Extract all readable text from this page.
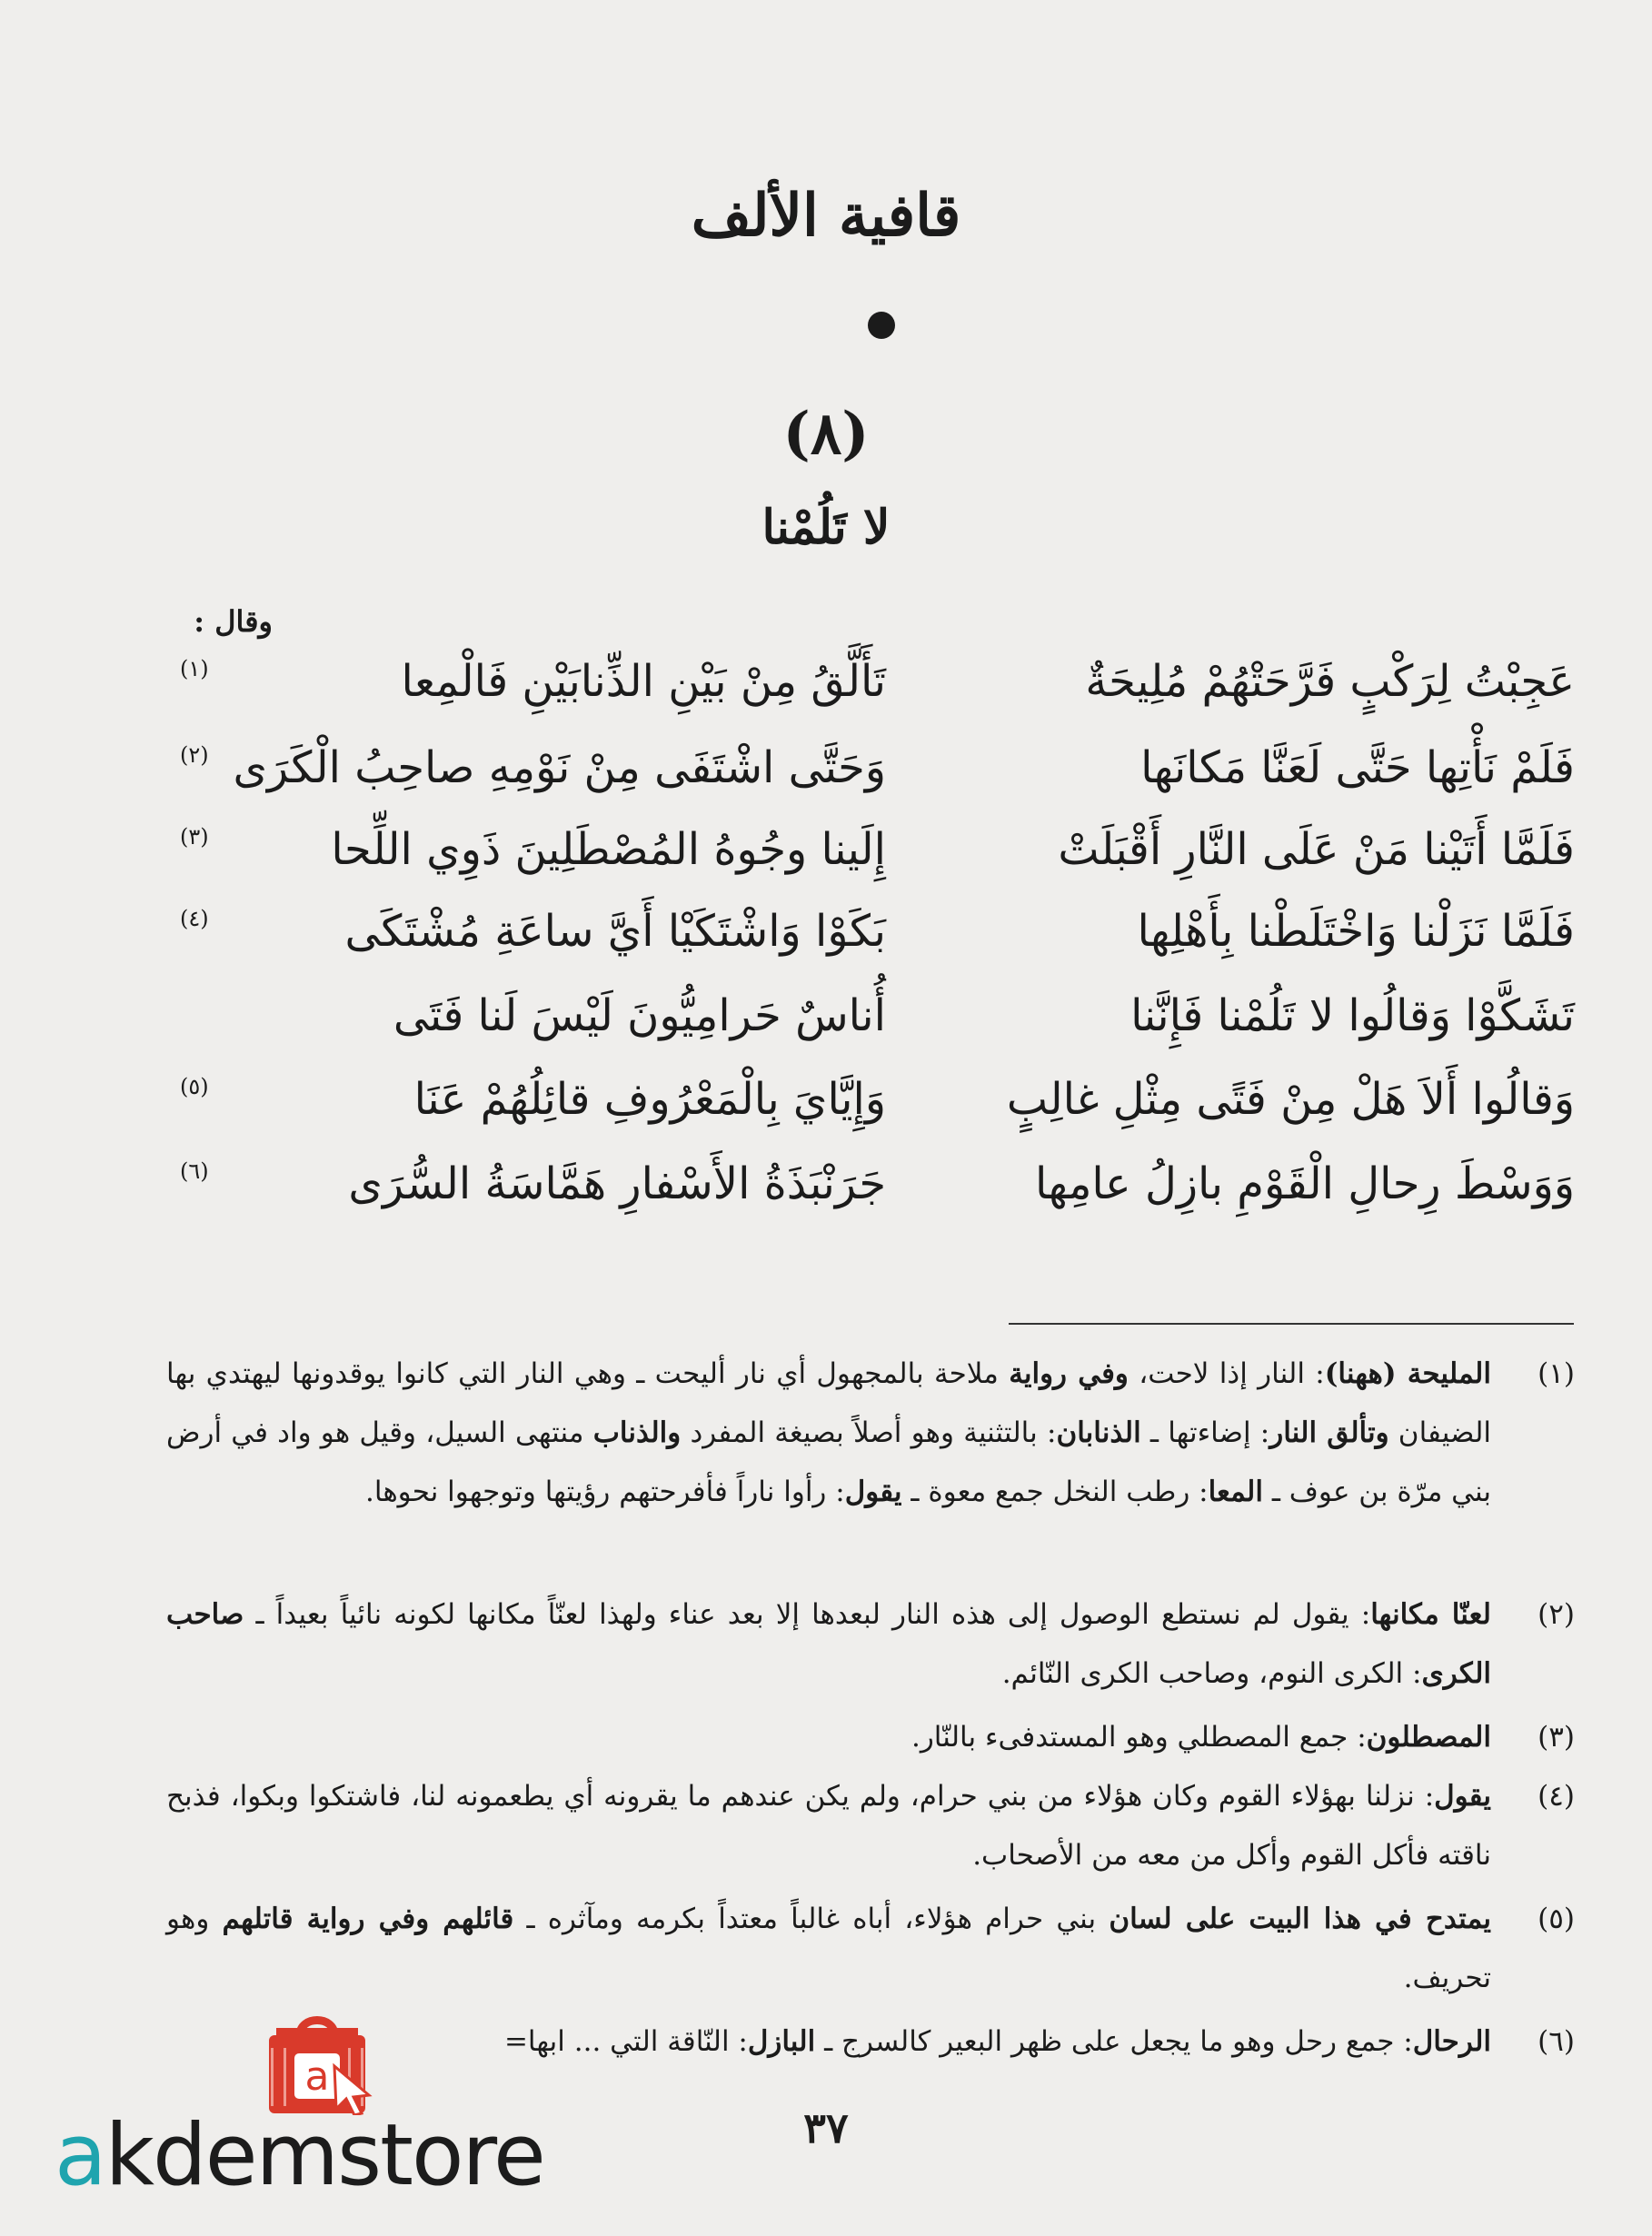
قافية الألف
(٨)
لا تَلُمْنا
وقال :
عَجِبْتُ لِرَكْبٍ فَرَّحَتْهُمْ مُلِيحَةٌ
تَأَلَّقُ مِنْ بَيْنِ الذِّنابَيْنِ فَالْمِعا
(١)
فَلَمْ نَأْتِها حَتَّى لَعَنَّا مَكانَها
وَحَتَّى اشْتَفَى مِنْ نَوْمِهِ صاحِبُ الْكَرَى
(٢)
فَلَمَّا أَتَيْنا مَنْ عَلَى النَّارِ أَقْبَلَتْ
إِلَينا وجُوهُ المُصْطَلِينَ ذَوِي اللِّحا
(٣)
فَلَمَّا نَزَلْنا وَاخْتَلَطْنا بِأَهْلِها
بَكَوْا وَاشْتَكَيْا أَيَّ ساعَةِ مُشْتَكَى
(٤)
تَشَكَّوْا وَقالُوا لا تَلُمْنا فَإِنَّنا
أُناسٌ حَرامِيُّونَ لَيْسَ لَنا فَتَى
وَقالُوا أَلاَ هَلْ مِنْ فَتًى مِثْلِ غالِبٍ
وَإِيَّايَ بِالْمَعْرُوفِ قائِلُهُمْ عَنَا
(٥)
وَوَسْطَ رِحالِ الْقَوْمِ بازِلُ عامِها
جَرَنْبَذَةُ الأَسْفارِ هَمَّاسَةُ السُّرَى
(٦)
(١)
المليحة (ههنا): النار إذا لاحت، وفي رواية ملاحة بالمجهول أي نار أليحت ـ وهي النار التي كانوا يوقدونها ليهتدي بها الضيفان وتألق النار: إضاءتها ـ الذنابان: بالتثنية وهو أصلاً بصيغة المفرد والذناب منتهى السيل، وقيل هو واد في أرض بني مرّة بن عوف ـ المعا: رطب النخل جمع معوة ـ يقول: رأوا ناراً فأفرحتهم رؤيتها وتوجهوا نحوها.
(٢)
لعنّا مكانها: يقول لم نستطع الوصول إلى هذه النار لبعدها إلا بعد عناء ولهذا لعنّاً مكانها لكونه نائياً بعيداً ـ صاحب الكرى: الكرى النوم، وصاحب الكرى النّائم.
(٣)
المصطلون: جمع المصطلي وهو المستدفىء بالنّار.
(٤)
يقول: نزلنا بهؤلاء القوم وكان هؤلاء من بني حرام، ولم يكن عندهم ما يقرونه أي يطعمونه لنا، فاشتكوا وبكوا، فذبح ناقته فأكل القوم وأكل من معه من الأصحاب.
(٥)
يمتدح في هذا البيت على لسان بني حرام هؤلاء، أباه غالباً معتداً بكرمه ومآثره ـ قائلهم وفي رواية قاتلهم وهو تحريف.
(٦)
الرحال: جمع رحل وهو ما يجعل على ظهر البعير كالسرج ـ البازل: النّاقة التي ... ابها=
٣٧
a
akdemstore
